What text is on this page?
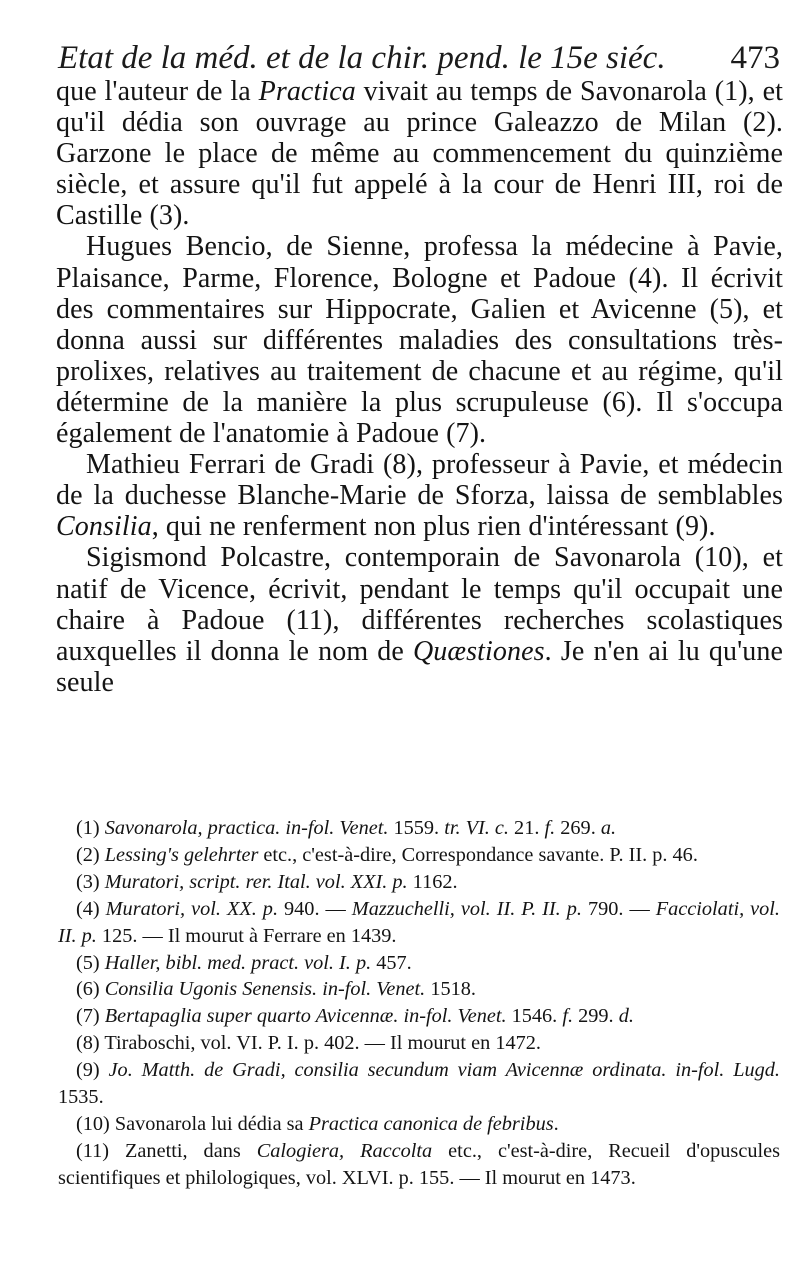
Etat de la méd. et de la chir. pend. le 15e siéc. 473

que l'auteur de la Practica vivait au temps de Savonarola (1), et qu'il dédia son ouvrage au prince Galeazzo de Milan (2). Garzone le place de même au commencement du quinzième siècle, et assure qu'il fut appelé à la cour de Henri III, roi de Castille (3).

Hugues Bencio, de Sienne, professa la médecine à Pavie, Plaisance, Parme, Florence, Bologne et Padoue (4). Il écrivit des commentaires sur Hippocrate, Galien et Avicenne (5), et donna aussi sur différentes maladies des consultations très-prolixes, relatives au traitement de chacune et au régime, qu'il détermine de la manière la plus scrupuleuse (6). Il s'occupa également de l'anatomie à Padoue (7).

Mathieu Ferrari de Gradi (8), professeur à Pavie, et médecin de la duchesse Blanche-Marie de Sforza, laissa de semblables Consilia, qui ne renferment non plus rien d'intéressant (9).

Sigismond Polcastre, contemporain de Savonarola (10), et natif de Vicence, écrivit, pendant le temps qu'il occupait une chaire à Padoue (11), différentes recherches scolastiques auxquelles il donna le nom de Quæstiones. Je n'en ai lu qu'une seule

(1) Savonarola, practica. in-fol. Venet. 1559. tr. VI. c. 21. f. 269. a.

(2) Lessing's gelehrter etc., c'est-à-dire, Correspondance savante. P. II. p. 46.

(3) Muratori, script. rer. Ital. vol. XXI. p. 1162.

(4) Muratori, vol. XX. p. 940. — Mazzuchelli, vol. II. P. II. p. 790. — Facciolati, vol. II. p. 125. — Il mourut à Ferrare en 1439.

(5) Haller, bibl. med. pract. vol. I. p. 457.

(6) Consilia Ugonis Senensis. in-fol. Venet. 1518.

(7) Bertapaglia super quarto Avicennæ. in-fol. Venet. 1546. f. 299. d.

(8) Tiraboschi, vol. VI. P. I. p. 402. — Il mourut en 1472.

(9) Jo. Matth. de Gradi, consilia secundum viam Avicennæ ordinata. in-fol. Lugd. 1535.

(10) Savonarola lui dédia sa Practica canonica de febribus.

(11) Zanetti, dans Calogiera, Raccolta etc., c'est-à-dire, Recueil d'opuscules scientifiques et philologiques, vol. XLVI. p. 155. — Il mourut en 1473.
